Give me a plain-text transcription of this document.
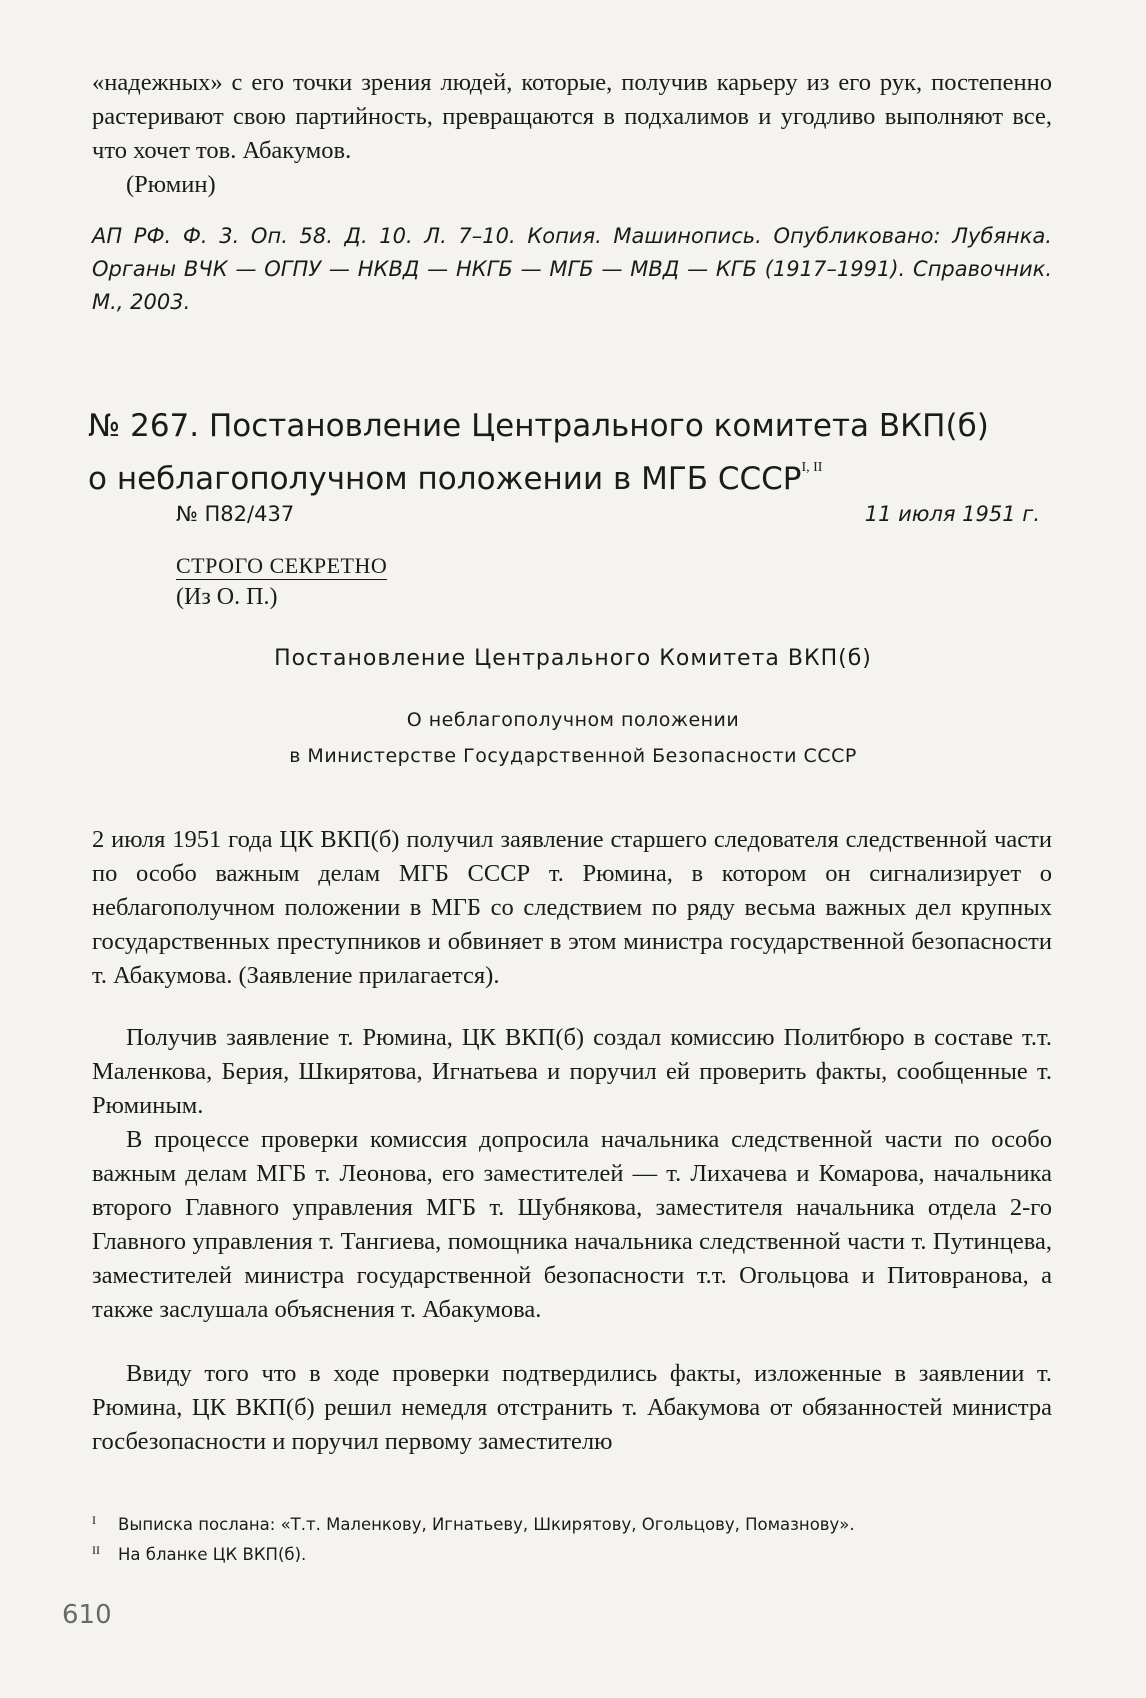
«надежных» с его точки зрения людей, которые, получив карьеру из его рук, постепенно растеривают свою партийность, превращаются в подхалимов и угодливо выполняют все, что хочет тов. Абакумов.

(Рюмин)

АП РФ. Ф. 3. Оп. 58. Д. 10. Л. 7–10. Копия. Машинопись. Опубликовано: Лубянка. Органы ВЧК — ОГПУ — НКВД — НКГБ — МГБ — МВД — КГБ (1917–1991). Справочник. М., 2003.
№ 267. Постановление Центрального комитета ВКП(б)
о неблагополучном положении в МГБ $СССР^{I, II}$
№ П82/437	11 июля 1951 г.
СТРОГО СЕКРЕТНО
(Из О. П.)
Постановление Центрального Комитета ВКП(б)
О неблагополучном положении
в Министерстве Государственной Безопасности СССР

2 июля 1951 года ЦК ВКП(б) получил заявление старшего следователя следственной части по особо важным делам МГБ СССР т. Рюмина, в котором он сигнализирует о неблагополучном положении в МГБ со следствием по ряду весьма важных дел крупных государственных преступников и обвиняет в этом министра государственной безопасности т. Абакумова. (Заявление прилагается).

Получив заявление т. Рюмина, ЦК ВКП(б) создал комиссию Политбюро в составе т.т. Маленкова, Берия, Шкирятова, Игнатьева и поручил ей проверить факты, сообщенные т. Рюминым.

В процессе проверки комиссия допросила начальника следственной части по особо важным делам МГБ т. Леонова, его заместителей — т. Лихачева и Комарова, начальника второго Главного управления МГБ т. Шубнякова, заместителя начальника отдела 2-го Главного управления т. Тангиева, помощника начальника следственной части т. Путинцева, заместителей министра государственной безопасности т.т. Огольцова и Питовранова, а также заслушала объяснения т. Абакумова.

Ввиду того что в ходе проверки подтвердились факты, изложенные в заявлении т. Рюмина, ЦК ВКП(б) решил немедля отстранить т. Абакумова от обязанностей министра госбезопасности и поручил первому заместителю

I Выписка послана: «Т.т. Маленкову, Игнатьеву, Шкирятову, Огольцову, Помазнову».
II На бланке ЦК ВКП(б).
610
